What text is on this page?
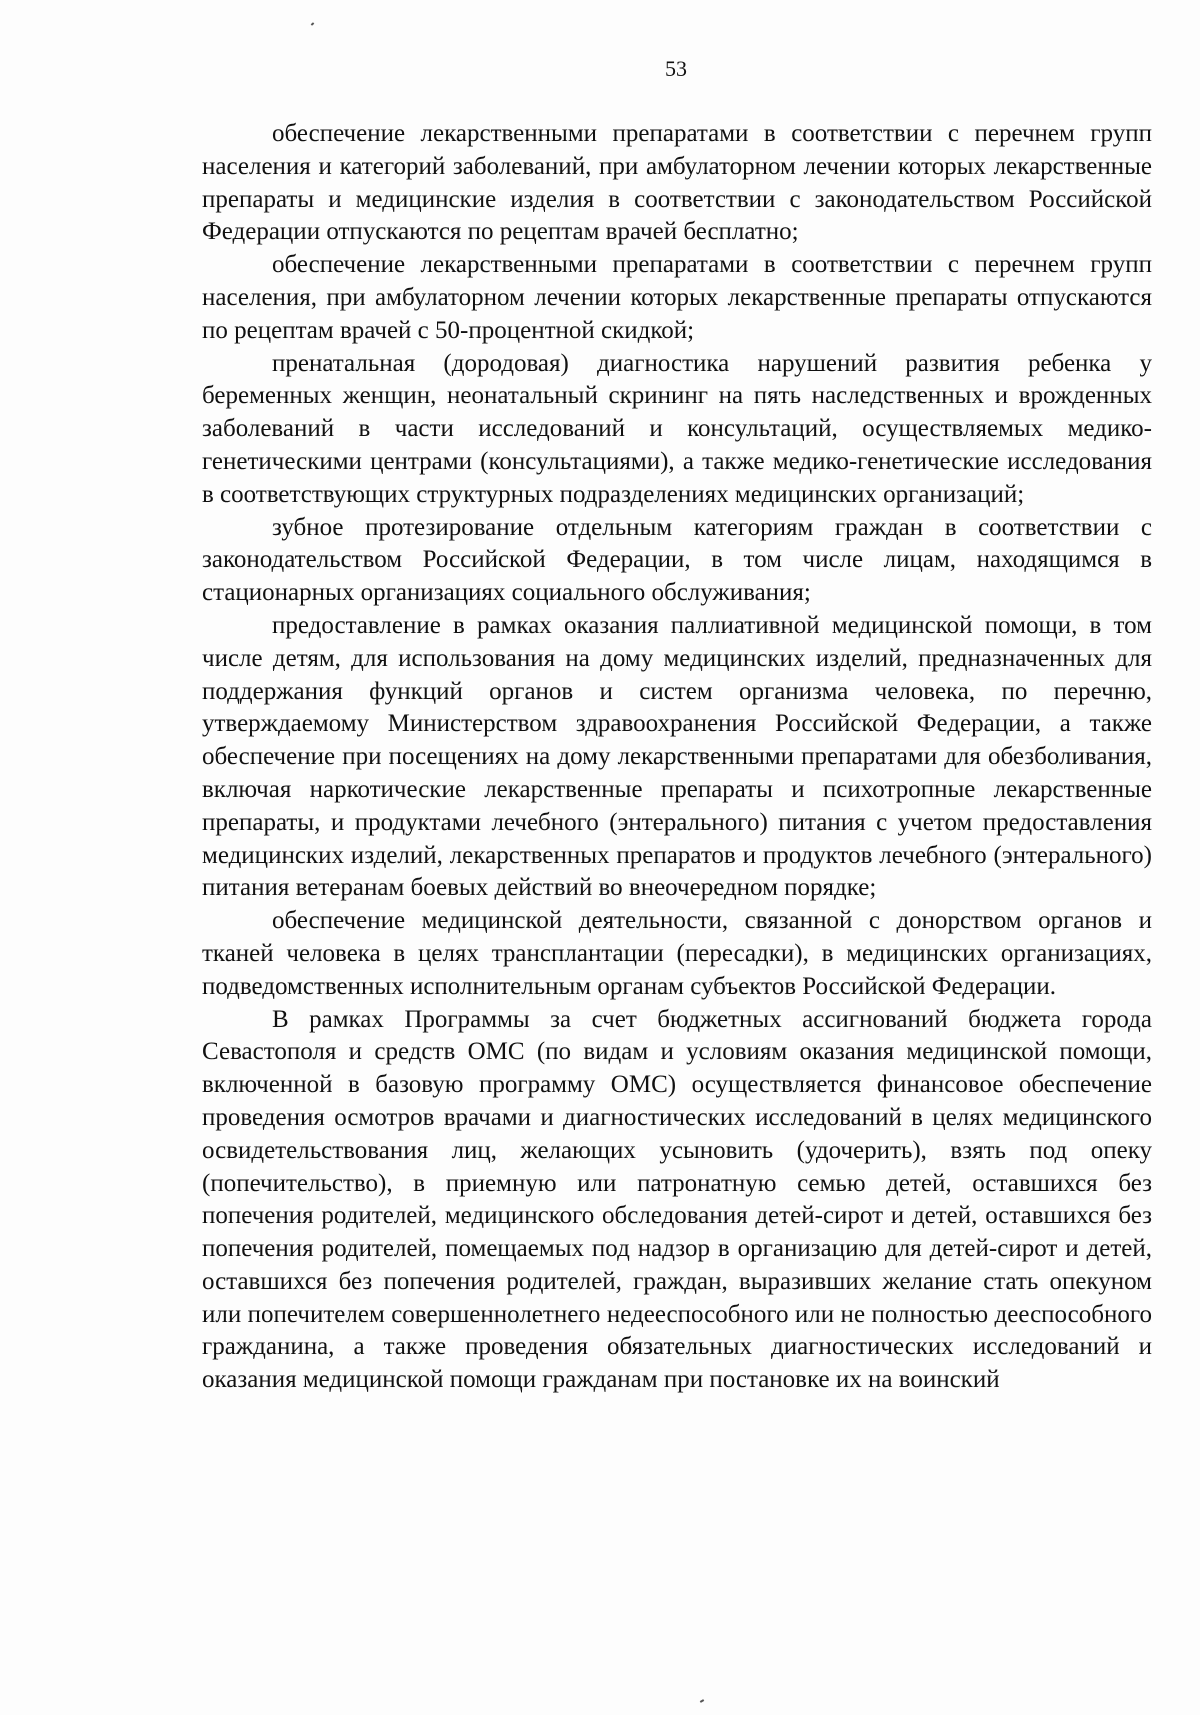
53

обеспечение лекарственными препаратами в соответствии с перечнем групп населения и категорий заболеваний, при амбулаторном лечении которых лекарственные препараты и медицинские изделия в соответствии с законодательством Российской Федерации отпускаются по рецептам врачей бесплатно;

обеспечение лекарственными препаратами в соответствии с перечнем групп населения, при амбулаторном лечении которых лекарственные препараты отпускаются по рецептам врачей с 50-процентной скидкой;

пренатальная (дородовая) диагностика нарушений развития ребенка у беременных женщин, неонатальный скрининг на пять наследственных и врожденных заболеваний в части исследований и консультаций, осуществляемых медико-генетическими центрами (консультациями), а также медико-генетические исследования в соответствующих структурных подразделениях медицинских организаций;

зубное протезирование отдельным категориям граждан в соответствии с законодательством Российской Федерации, в том числе лицам, находящимся в стационарных организациях социального обслуживания;

предоставление в рамках оказания паллиативной медицинской помощи, в том числе детям, для использования на дому медицинских изделий, предназначенных для поддержания функций органов и систем организма человека, по перечню, утверждаемому Министерством здравоохранения Российской Федерации, а также обеспечение при посещениях на дому лекарственными препаратами для обезболивания, включая наркотические лекарственные препараты и психотропные лекарственные препараты, и продуктами лечебного (энтерального) питания с учетом предоставления медицинских изделий, лекарственных препаратов и продуктов лечебного (энтерального) питания ветеранам боевых действий во внеочередном порядке;

обеспечение медицинской деятельности, связанной с донорством органов и тканей человека в целях трансплантации (пересадки), в медицинских организациях, подведомственных исполнительным органам субъектов Российской Федерации.

В рамках Программы за счет бюджетных ассигнований бюджета города Севастополя и средств ОМС (по видам и условиям оказания медицинской помощи, включенной в базовую программу ОМС) осуществляется финансовое обеспечение проведения осмотров врачами и диагностических исследований в целях медицинского освидетельствования лиц, желающих усыновить (удочерить), взять под опеку (попечительство), в приемную или патронатную семью детей, оставшихся без попечения родителей, медицинского обследования детей-сирот и детей, оставшихся без попечения родителей, помещаемых под надзор в организацию для детей-сирот и детей, оставшихся без попечения родителей, граждан, выразивших желание стать опекуном или попечителем совершеннолетнего недееспособного или не полностью дееспособного гражданина, а также проведения обязательных диагностических исследований и оказания медицинской помощи гражданам при постановке их на воинский
